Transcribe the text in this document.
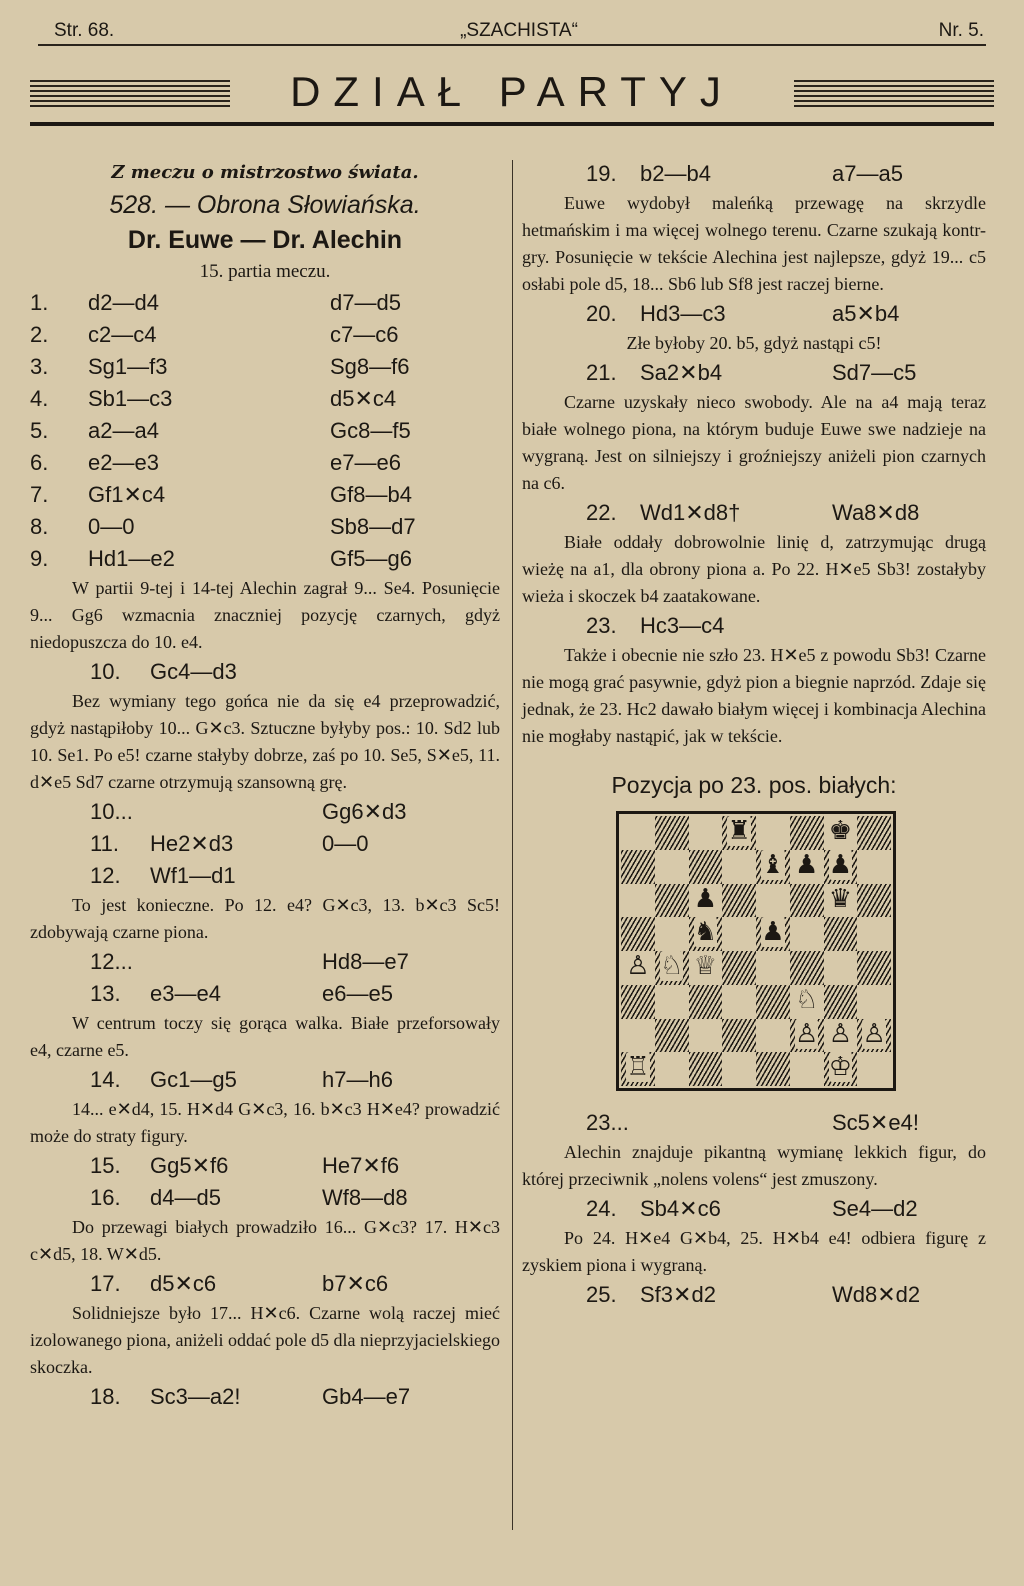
Str. 68.	„SZACHISTA“	Nr. 5.
DZIAŁ PARTYJ
Z meczu o mistrzostwo świata.
528. — Obrona Słowiańska.
Dr. Euwe — Dr. Alechin
15. partia meczu.
1. d2—d4	d7—d5
2. c2—c4	c7—c6
3. Sg1—f3	Sg8—f6
4. Sb1—c3	d5✕c4
5. a2—a4	Gc8—f5
6. e2—e3	e7—e6
7. Gf1✕c4	Gf8—b4
8. 0—0	Sb8—d7
9. Hd1—e2	Gf5—g6

W partii 9-tej i 14-tej Alechin zagrał 9... Se4. Posunięcie 9... Gg6 wzmacnia znaczniej pozycję czarnych, gdyż niedopuszcza do 10. e4.

10. Gc4—d3

Bez wymiany tego gońca nie da się e4 przeprowadzić, gdyż nastąpiłoby 10... G✕c3. Sztuczne byłyby pos.: 10. Sd2 lub 10. Se1. Po e5! czarne stałyby dobrze, zaś po 10. Se5, S✕e5, 11. d✕e5 Sd7 czarne otrzymują szansowną grę.

10...	Gg6✕d3
11. He2✕d3	0—0
12. Wf1—d1

To jest konieczne. Po 12. e4? G✕c3, 13. b✕c3 Sc5! zdobywają czarne piona.

12...	Hd8—e7
13. e3—e4	e6—e5

W centrum toczy się gorąca walka. Białe przeforsowały e4, czarne e5.

14. Gc1—g5	h7—h6

14... e✕d4, 15. H✕d4 G✕c3, 16. b✕c3 H✕e4? prowadzić może do straty figury.

15. Gg5✕f6	He7✕f6
16. d4—d5	Wf8—d8

Do przewagi białych prowadziło 16... G✕c3? 17. H✕c3 c✕d5, 18. W✕d5.

17. d5✕c6	b7✕c6

Solidniejsze było 17... H✕c6. Czarne wolą raczej mieć izolowanego piona, aniżeli oddać pole d5 dla nieprzyjacielskiego skoczka.

18. Sc3—a2!	Gb4—e7
19. b2—b4	a7—a5

Euwe wydobył maleńką przewagę na skrzydle hetmańskim i ma więcej wolnego terenu. Czarne szukają kontr-gry. Posunięcie w tekście Alechina jest najlepsze, gdyż 19... c5 osłabi pole d5, 18... Sb6 lub Sf8 jest raczej bierne.

20. Hd3—c3	a5✕b4
Złe byłoby 20. b5, gdyż nastąpi c5!
21. Sa2✕b4	Sd7—c5

Czarne uzyskały nieco swobody. Ale na a4 mają teraz białe wolnego piona, na którym buduje Euwe swe nadzieje na wygraną. Jest on silniejszy i groźniejszy aniżeli pion czarnych na c6.

22. Wd1✕d8†	Wa8✕d8

Białe oddały dobrowolnie linię d, zatrzymując drugą wieżę na a1, dla obrony piona a. Po 22. H✕e5 Sb3! zostałyby wieża i skoczek b4 zaatakowane.

23. Hc3—c4

Także i obecnie nie szło 23. H✕e5 z powodu Sb3! Czarne nie mogą grać pasywnie, gdyż pion a biegnie naprzód. Zdaje się jednak, że 23. Hc2 dawało białym więcej i kombinacja Alechina nie mogłaby nastąpić, jak w tekście.

Pozycja po 23. pos. białych:
♜	♚
♝ ♟ ♟
♟	♛
♞ ♟
♙ ♘ ♕
♘
♙ ♙ ♙
♖	♔
23...	Sc5✕e4!

Alechin znajduje pikantną wymianę lekkich figur, do której przeciwnik „nolens volens“ jest zmuszony.

24. Sb4✕c6	Se4—d2

Po 24. H✕e4 G✕b4, 25. H✕b4 e4! odbiera figurę z zyskiem piona i wygraną.

25. Sf3✕d2	Wd8✕d2
